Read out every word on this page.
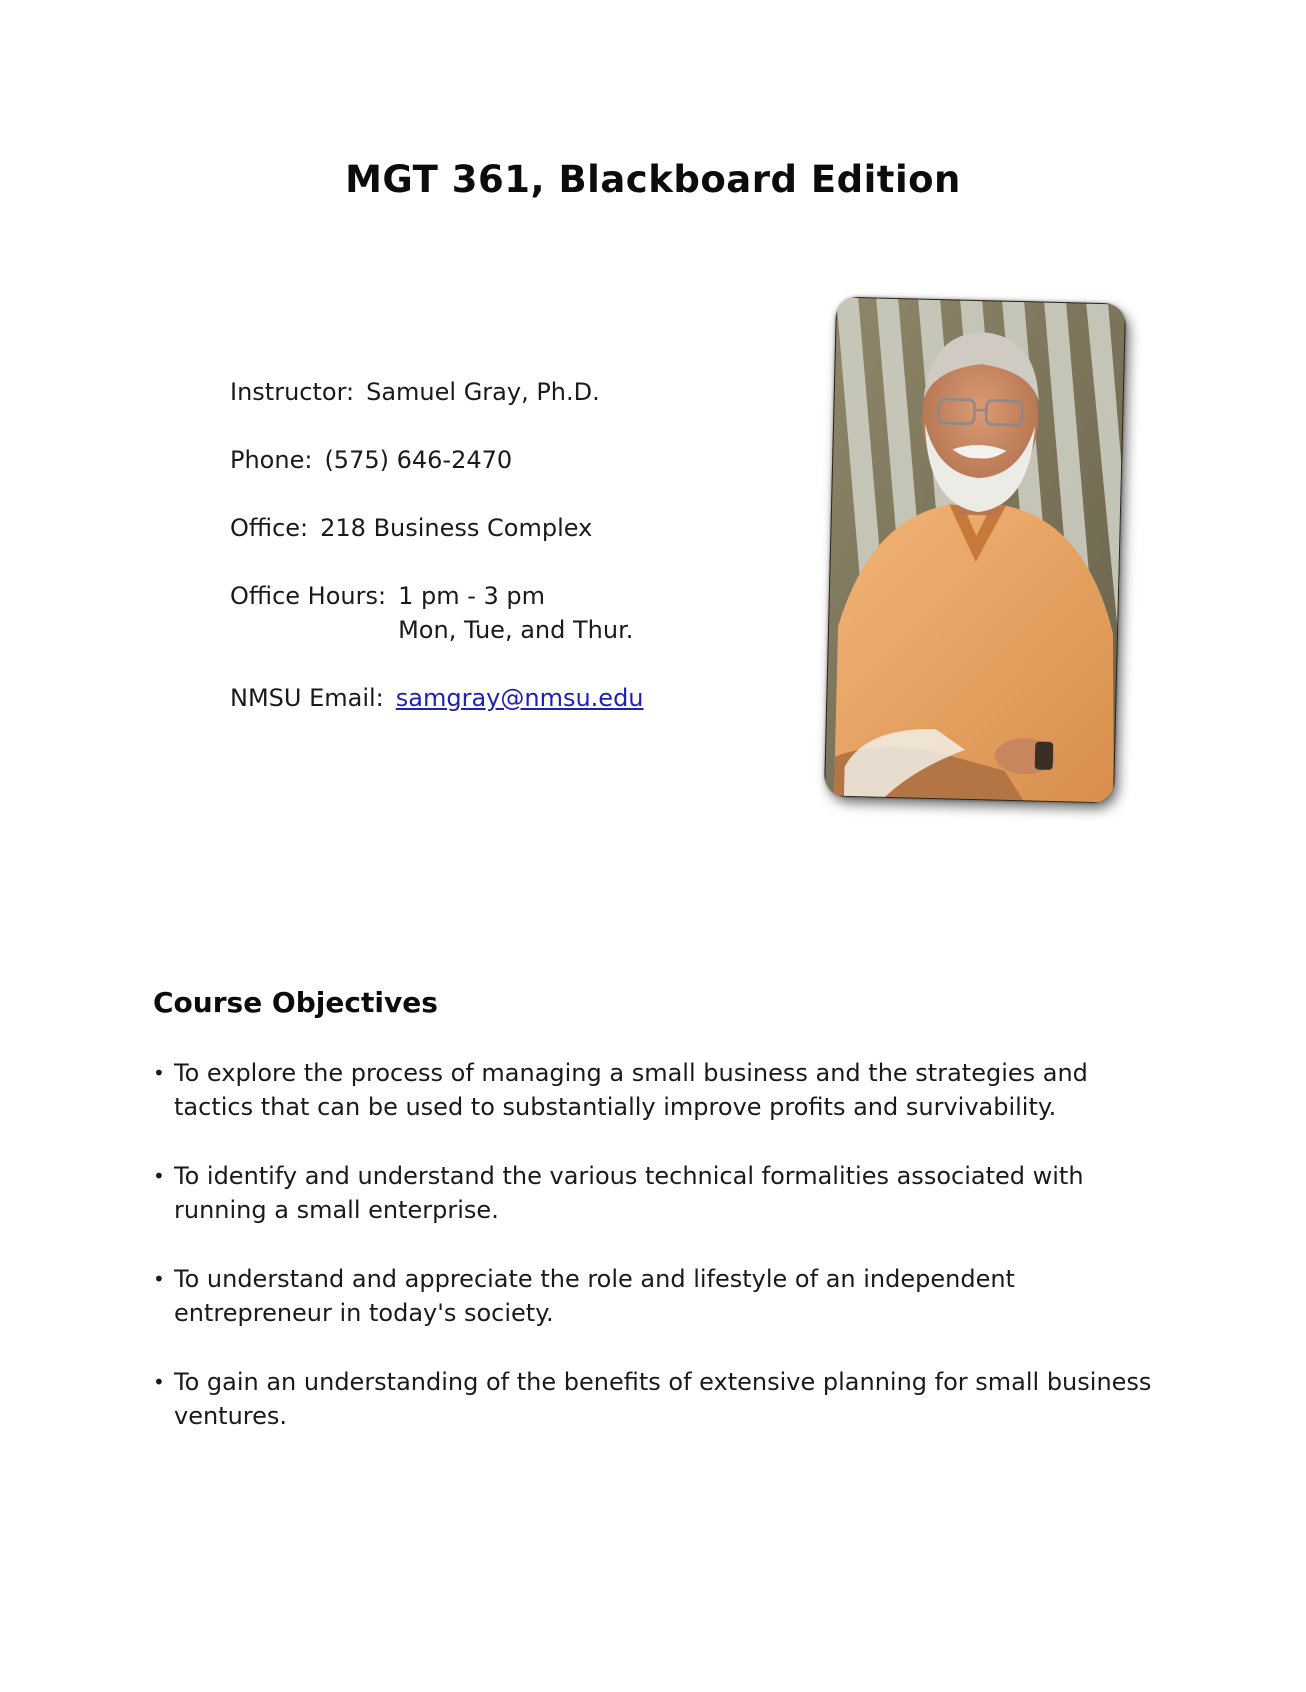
MGT 361, Blackboard Edition
Instructor: Samuel Gray, Ph.D.
Phone: (575) 646-2470
Office: 218 Business Complex
Office Hours: 1 pm - 3 pm
Mon, Tue, and Thur.
NMSU Email: samgray@nmsu.edu
Course Objectives
• To explore the process of managing a small business and the strategies and tactics that can be used to substantially improve profits and survivability.
• To identify and understand the various technical formalities associated with running a small enterprise.
• To understand and appreciate the role and lifestyle of an independent entrepreneur in today's society.
• To gain an understanding of the benefits of extensive planning for small business ventures.
